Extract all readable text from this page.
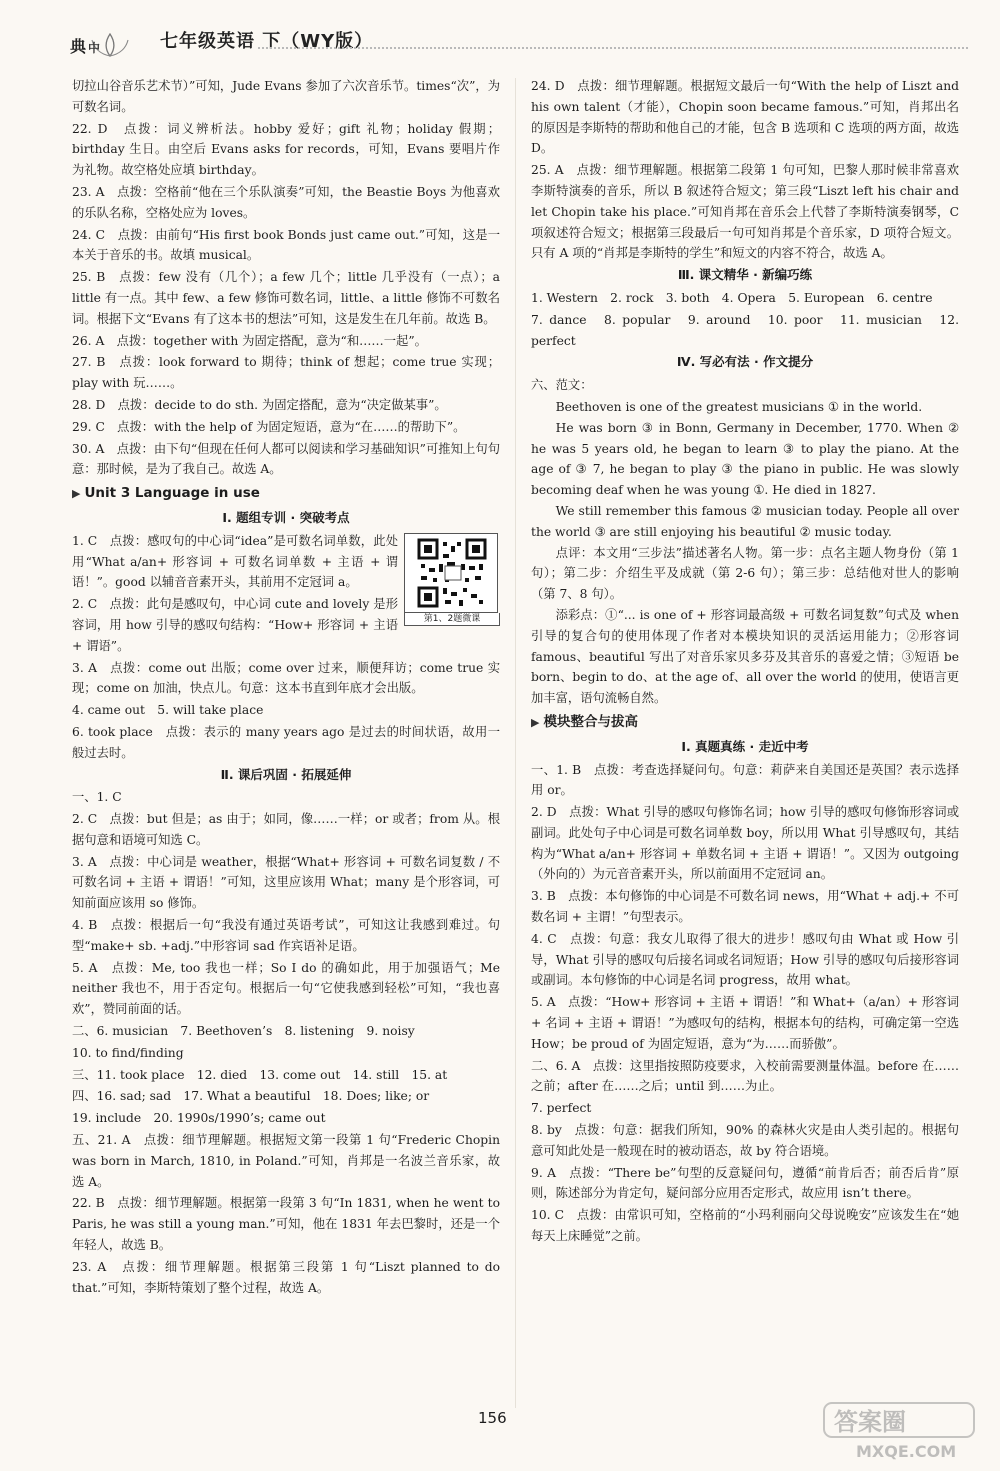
典 中	七年级英语 下（WY版）

切拉山谷音乐艺术节）”可知，Jude Evans 参加了六次音乐节。times“次”，为可数名词。

22. D　点拨：词义辨析法。hobby 爱好；gift 礼物；holiday 假期；birthday 生日。由空后 Evans asks for records，可知，Evans 要唱片作为礼物。故空格处应填 birthday。

23. A　点拨：空格前“他在三个乐队演奏”可知，the Beastie Boys 为他喜欢的乐队名称，空格处应为 loves。

24. C　点拨：由前句“His first book Bonds just came out.”可知，这是一本关于音乐的书。故填 musical。

25. B　点拨：few 没有（几个）；a few 几个；little 几乎没有（一点）；a little 有一点。其中 few、a few 修饰可数名词，little、a little 修饰不可数名词。根据下文“Evans 有了这本书的想法”可知，这是发生在几年前。故选 B。

26. A　点拨：together with 为固定搭配，意为“和……一起”。

27. B　点拨：look forward to 期待；think of 想起；come true 实现；play with 玩……。

28. D　点拨：decide to do sth. 为固定搭配，意为“决定做某事”。

29. C　点拨：with the help of 为固定短语，意为“在……的帮助下”。

30. A　点拨：由下句“但现在任何人都可以阅读和学习基础知识”可推知上句句意：那时候，是为了我自己。故选 A。

▶ Unit 3 Language in use
Ⅰ. 题组专训 · 突破考点
第1、2题微课

1. C　点拨：感叹句的中心词“idea”是可数名词单数，此处用“What a/an+ 形容词 + 可数名词单数 + 主语 + 谓语！”。good 以辅音音素开头，其前用不定冠词 a。

2. C　点拨：此句是感叹句，中心词 cute and lovely 是形容词，用 how 引导的感叹句结构：“How+ 形容词 + 主语 + 谓语”。

3. A　点拨：come out 出版；come over 过来，顺便拜访；come true 实现；come on 加油，快点儿。句意：这本书直到年底才会出版。

4. came out　5. will take place

6. took place　点拨：表示的 many years ago 是过去的时间状语，故用一般过去时。

Ⅱ. 课后巩固 · 拓展延伸

一、1. C

2. C　点拨：but 但是；as 由于；如同，像……一样；or 或者；from 从。根据句意和语境可知选 C。

3. A　点拨：中心词是 weather，根据“What+ 形容词 + 可数名词复数 / 不可数名词 + 主语 + 谓语！”可知，这里应该用 What；many 是个形容词，可知前面应该用 so 修饰。

4. B　点拨：根据后一句“我没有通过英语考试”，可知这让我感到难过。句型“make+ sb. +adj.”中形容词 sad 作宾语补足语。

5. A　点拨：Me, too 我也一样；So I do 的确如此，用于加强语气；Me neither 我也不，用于否定句。根据后一句“它使我感到轻松”可知，“我也喜欢”，赞同前面的话。

二、6. musician　7. Beethoven’s　8. listening　9. noisy

10. to find/finding

三、11. took place　12. died　13. come out　14. still　15. at

四、16. sad; sad　17. What a beautiful　18. Does; like; or

19. include　20. 1990s/1990’s; came out

五、21. A　点拨：细节理解题。根据短文第一段第 1 句“Frederic Chopin was born in March, 1810, in Poland.”可知，肖邦是一名波兰音乐家，故选 A。

22. B　点拨：细节理解题。根据第一段第 3 句“In 1831, when he went to Paris, he was still a young man.”可知，他在 1831 年去巴黎时，还是一个年轻人，故选 B。

23. A　点拨：细节理解题。根据第三段第 1 句“Liszt planned to do that.”可知，李斯特策划了整个过程，故选 A。

24. D　点拨：细节理解题。根据短文最后一句“With the help of Liszt and his own talent（才能），Chopin soon became famous.”可知，肖邦出名的原因是李斯特的帮助和他自己的才能，包含 B 选项和 C 选项的两方面，故选 D。

25. A　点拨：细节理解题。根据第二段第 1 句可知，巴黎人那时候非常喜欢李斯特演奏的音乐，所以 B 叙述符合短文；第三段“Liszt left his chair and let Chopin take his place.”可知肖邦在音乐会上代替了李斯特演奏钢琴，C 项叙述符合短文；根据第三段最后一句可知肖邦是个音乐家，D 项符合短文。只有 A 项的“肖邦是李斯特的学生”和短文的内容不符合，故选 A。

Ⅲ. 课文精华 · 新编巧练

1. Western　2. rock　3. both　4. Opera　5. European　6. centre

7. dance　8. popular　9. around　10. poor　11. musician　12. perfect

Ⅳ. 写必有法 · 作文提分

六、范文：

Beethoven is one of the greatest musicians ① in the world.

He was born ③ in Bonn, Germany in December, 1770. When ② he was 5 years old, he began to learn ③ to play the piano. At the age of ③ 7, he began to play ③ the piano in public. He was slowly becoming deaf when he was young ①. He died in 1827.

We still remember this famous ② musician today. People all over the world ③ are still enjoying his beautiful ② music today.

点评：本文用“三步法”描述著名人物。第一步：点名主题人物身份（第 1 句）；第二步：介绍生平及成就（第 2-6 句）；第三步：总结他对世人的影响（第 7、8 句）。

添彩点：①“... is one of + 形容词最高级 + 可数名词复数”句式及 when 引导的复合句的使用体现了作者对本模块知识的灵活运用能力；②形容词 famous、beautiful 写出了对音乐家贝多芬及其音乐的喜爱之情；③短语 be born、begin to do、at the age of、all over the world 的使用，使语言更加丰富，语句流畅自然。

▶ 模块整合与拔高
Ⅰ. 真题真练 · 走近中考

一、1. B　点拨：考查选择疑问句。句意：莉萨来自美国还是英国？表示选择用 or。

2. D　点拨：What 引导的感叹句修饰名词；how 引导的感叹句修饰形容词或副词。此处句子中心词是可数名词单数 boy，所以用 What 引导感叹句，其结构为“What a/an+ 形容词 + 单数名词 + 主语 + 谓语！”。又因为 outgoing（外向的）为元音音素开头，所以前面用不定冠词 an。

3. B　点拨：本句修饰的中心词是不可数名词 news，用“What + adj.+ 不可数名词 + 主谓！”句型表示。

4. C　点拨：句意：我女儿取得了很大的进步！感叹句由 What 或 How 引导，What 引导的感叹句后接名词或名词短语；How 引导的感叹句后接形容词或副词。本句修饰的中心词是名词 progress，故用 what。

5. A　点拨：“How+ 形容词 + 主语 + 谓语！”和 What+（a/an）+ 形容词 + 名词 + 主语 + 谓语！”为感叹句的结构，根据本句的结构，可确定第一空选 How；be proud of 为固定短语，意为“为……而骄傲”。

二、6. A　点拨：这里指按照防疫要求，入校前需要测量体温。before 在……之前；after 在……之后；until 到……为止。

7. perfect

8. by　点拨：句意：据我们所知，90% 的森林火灾是由人类引起的。根据句意可知此处是一般现在时的被动语态，故 by 符合语境。

9. A　点拨：“There be”句型的反意疑问句，遵循“前肯后否；前否后肯”原则，陈述部分为肯定句，疑问部分应用否定形式，故应用 isn’t there。

10. C　点拨：由常识可知，空格前的“小玛利丽向父母说晚安”应该发生在“她每天上床睡觉”之前。

156	答案圈
MXQE.COM
